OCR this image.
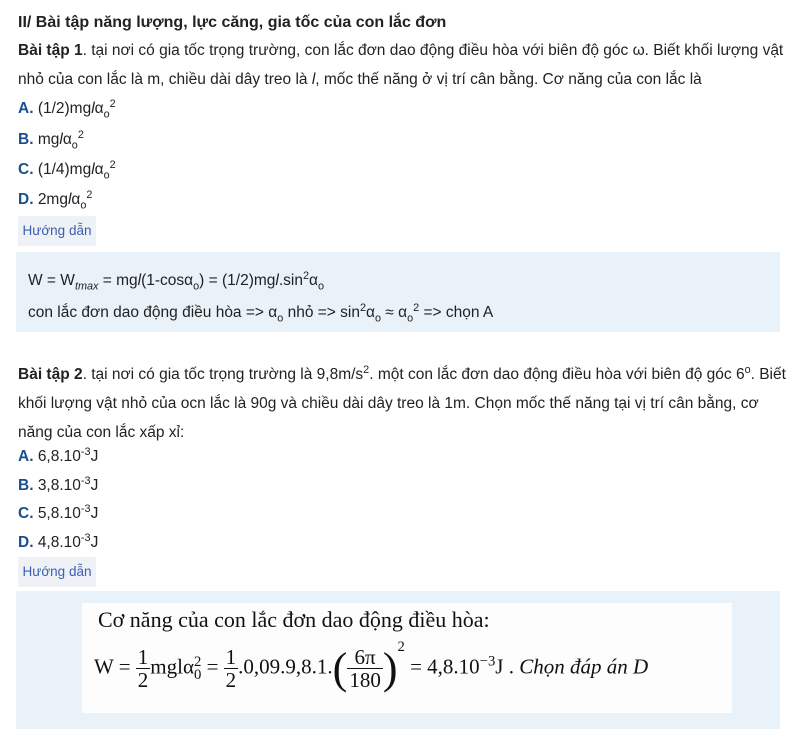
II/ Bài tập năng lượng, lực căng, gia tốc của con lắc đơn

Bài tập 1. tại nơi có gia tốc trọng trường, con lắc đơn dao động điều hòa với biên độ góc ω. Biết khối lượng vật nhỏ của con lắc là m, chiều dài dây treo là l, mốc thế năng ở vị trí cân bằng. Cơ năng của con lắc là

A. (1/2)mglα$_o^2$
B. mglα$_o^2$
C. (1/4)mglα$_o^2$
D. 2mglα$_o^2$
Hướng dẫn
$W = W_{tmax} = mgl(1-\cos\alpha_o) = (1/2)mgl.\sin^2\alpha_o$
con lắc đơn dao động điều hòa => $\alpha_o$ nhỏ => $\sin^2\alpha_o \approx \alpha_o^2$ => chọn A

Bài tập 2. tại nơi có gia tốc trọng trường là $9,8m/s^2$. một con lắc đơn dao động điều hòa với biên độ góc 6$^o$. Biết khối lượng vật nhỏ của ocn lắc là 90g và chiều dài dây treo là 1m. Chọn mốc thế năng tại vị trí cân bằng, cơ năng của con lắc xấp xỉ:

A. $6,8.10^{-3}J$
B. $3,8.10^{-3}J$
C. $5,8.10^{-3}J$
D. $4,8.10^{-3}J$
Hướng dẫn
Cơ năng của con lắc đơn dao động điều hòa:
$W = \frac{1}{2}$ mglα 2
$0 = \frac{1}{2} .0,09.9,8.1.( \frac{6\pi}{180} )^2 = 4,8.10^{-3}J$ . Chọn đáp án D
